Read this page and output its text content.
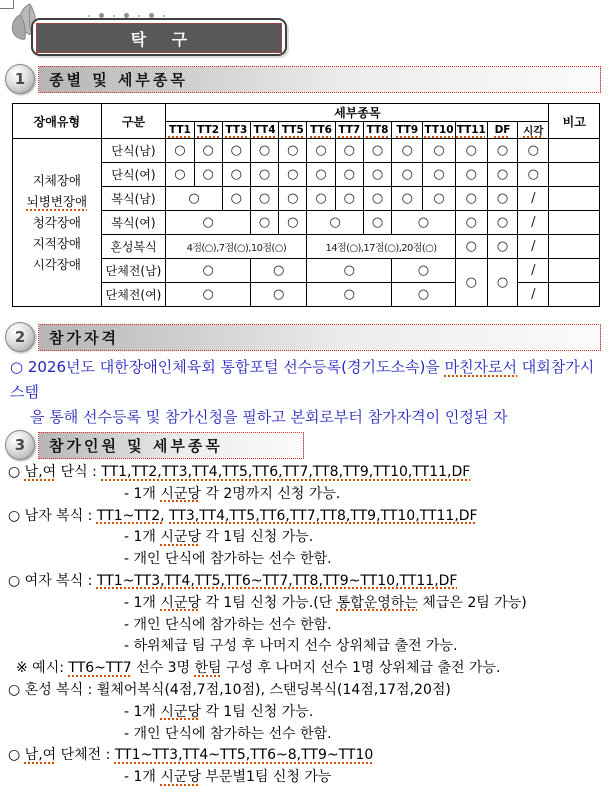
탁 구
1	종별 및 세부종목
장애유형	구분	세부종목													비고
		TT1	TT2	TT3	TT4	TT5	TT6	TT7	TT8	TT9	TT10	TT11	DF	시각	

지체장애
뇌병변장애
청각장애
지적장애
시각장애	단식(남)	○	○	○	○	○	○	○	○	○	○	○	○	○	
	단식(여)	○	○	○	○	○	○	○	○	○	○	○	○	○	
	복식(남)	○		○	○	○	○	○	○	○	○	○	○	/	
	복식(여)	○			○	○	○		○	○		○	○	/	
	혼성복식	4점(○),7점(○),10점(○)					14점(○),17점(○),20점(○)					○	○	/	
	단체전(남)	○			○		○			○		○	○	/	
	단체전(여)	○			○		○			○				/	
2	참가자격
○ 2026년도 대한장애인체육회 통합포털 선수등록(경기도소속)을 마친자로서 대회참가시스템
을 통해 선수등록 및 참가신청을 필하고 본회로부터 참가자격이 인정된 자
3	참가인원 및 세부종목
○ 남,여 단식 : TT1,TT2,TT3,TT4,TT5,TT6,TT7,TT8,TT9,TT10,TT11,DF
- 1개 시군당 각 2명까지 신청 가능.
○ 남자 복식 : TT1~TT2, TT3,TT4,TT5,TT6,TT7,TT8,TT9,TT10,TT11,DF
- 1개 시군당 각 1팀 신청 가능.
- 개인 단식에 참가하는 선수 한함.
○ 여자 복식 : TT1~TT3,TT4,TT5,TT6~TT7,TT8,TT9~TT10,TT11,DF
- 1개 시군당 각 1팀 신청 가능.(단 통합운영하는 체급은 2팀 가능)
- 개인 단식에 참가하는 선수 한함.
- 하위체급 팀 구성 후 나머지 선수 상위체급 출전 가능.
※ 예시: TT6~TT7 선수 3명 한팀 구성 후 나머지 선수 1명 상위체급 출전 가능.
○ 혼성 복식 : 휠체어복식(4점,7점,10점), 스탠딩복식(14점,17점,20점)
- 1개 시군당 각 1팀 신청 가능.
- 개인 단식에 참가하는 선수 한함.
○ 남,여 단체전 : TT1~TT3,TT4~TT5,TT6~8,TT9~TT10
- 1개 시군당 부문별1팀 신청 가능
